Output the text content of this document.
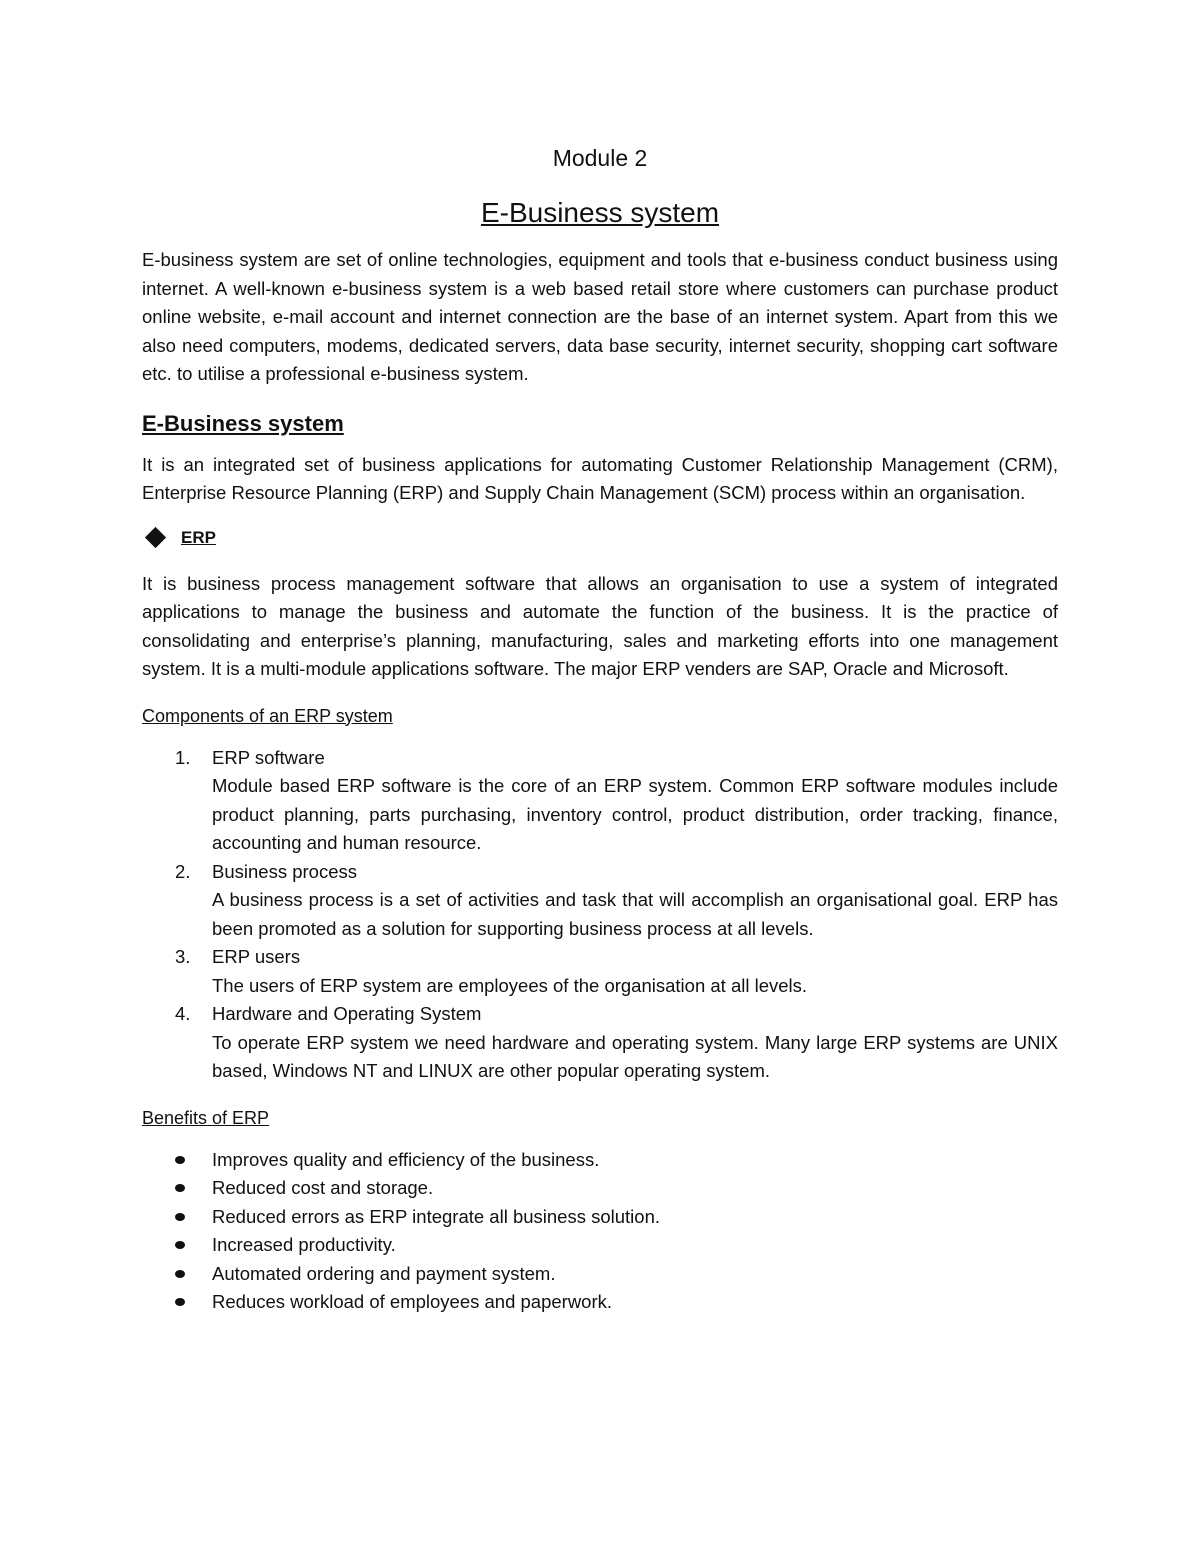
Module 2
E-Business system

E-business system are set of online technologies, equipment and tools that e-business conduct business using internet. A well-known e-business system is a web based retail store where customers can purchase product online website, e-mail account and internet connection are the base of an internet system. Apart from this we also need computers, modems, dedicated servers, data base security, internet security, shopping cart software etc. to utilise a professional e-business system.

E-Business system

It is an integrated set of business applications for automating Customer Relationship Management (CRM), Enterprise Resource Planning (ERP) and Supply Chain Management (SCM) process within an organisation.

ERP

It is business process management software that allows an organisation to use a system of integrated applications to manage the business and automate the function of the business. It is the practice of consolidating and enterprise’s planning, manufacturing, sales and marketing efforts into one management system. It is a multi-module applications software. The major ERP venders are SAP, Oracle and Microsoft.

Components of an ERP system
1. ERP software
Module based ERP software is the core of an ERP system. Common ERP software modules include product planning, parts purchasing, inventory control, product distribution, order tracking, finance, accounting and human resource.
2. Business process
A business process is a set of activities and task that will accomplish an organisational goal. ERP has been promoted as a solution for supporting business process at all levels.
3. ERP users
The users of ERP system are employees of the organisation at all levels.
4. Hardware and Operating System
To operate ERP system we need hardware and operating system. Many large ERP systems are UNIX based, Windows NT and LINUX are other popular operating system.
Benefits of ERP
Improves quality and efficiency of the business.
Reduced cost and storage.
Reduced errors as ERP integrate all business solution.
Increased productivity.
Automated ordering and payment system.
Reduces workload of employees and paperwork.
